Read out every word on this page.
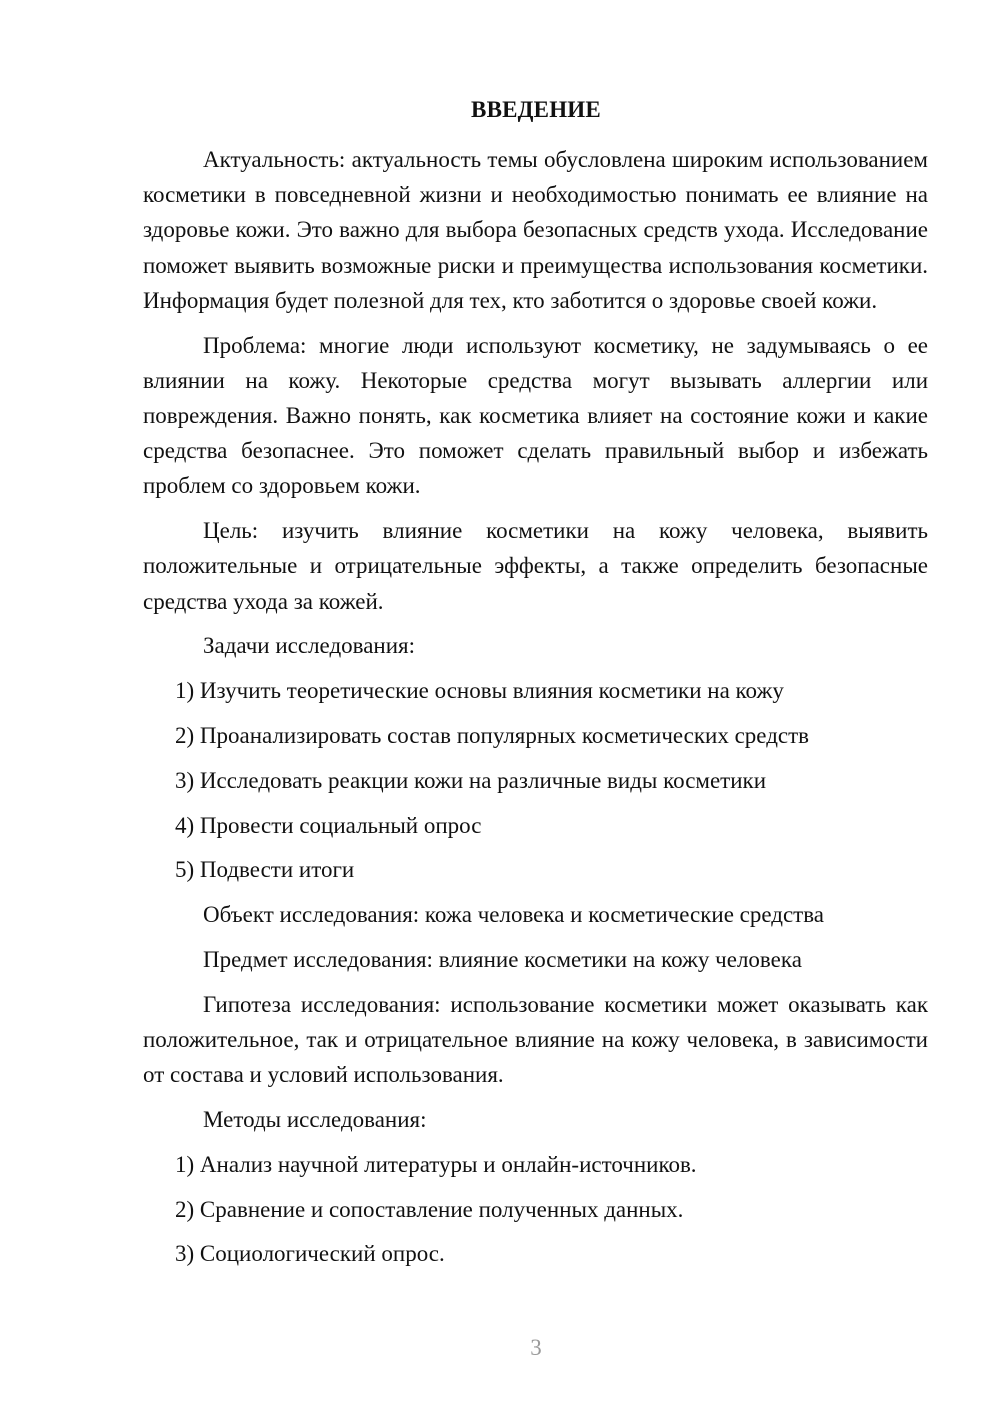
ВВЕДЕНИЕ

Актуальность: актуальность темы обусловлена широким использованием косметики в повседневной жизни и необходимостью понимать ее влияние на здоровье кожи. Это важно для выбора безопасных средств ухода. Исследование поможет выявить возможные риски и преимущества использования косметики. Информация будет полезной для тех, кто заботится о здоровье своей кожи.

Проблема: многие люди используют косметику, не задумываясь о ее влиянии на кожу. Некоторые средства могут вызывать аллергии или повреждения. Важно понять, как косметика влияет на состояние кожи и какие средства безопаснее. Это поможет сделать правильный выбор и избежать проблем со здоровьем кожи.

Цель: изучить влияние косметики на кожу человека, выявить положительные и отрицательные эффекты, а также определить безопасные средства ухода за кожей.

Задачи исследования:

1) Изучить теоретические основы влияния косметики на кожу
2) Проанализировать состав популярных косметических средств
3) Исследовать реакции кожи на различные виды косметики
4) Провести социальный опрос
5) Подвести итоги

Объект исследования: кожа человека и косметические средства

Предмет исследования: влияние косметики на кожу человека

Гипотеза исследования: использование косметики может оказывать как положительное, так и отрицательное влияние на кожу человека, в зависимости от состава и условий использования.

Методы исследования:

1) Анализ научной литературы и онлайн-источников.
2) Сравнение и сопоставление полученных данных.
3) Социологический опрос.
3
